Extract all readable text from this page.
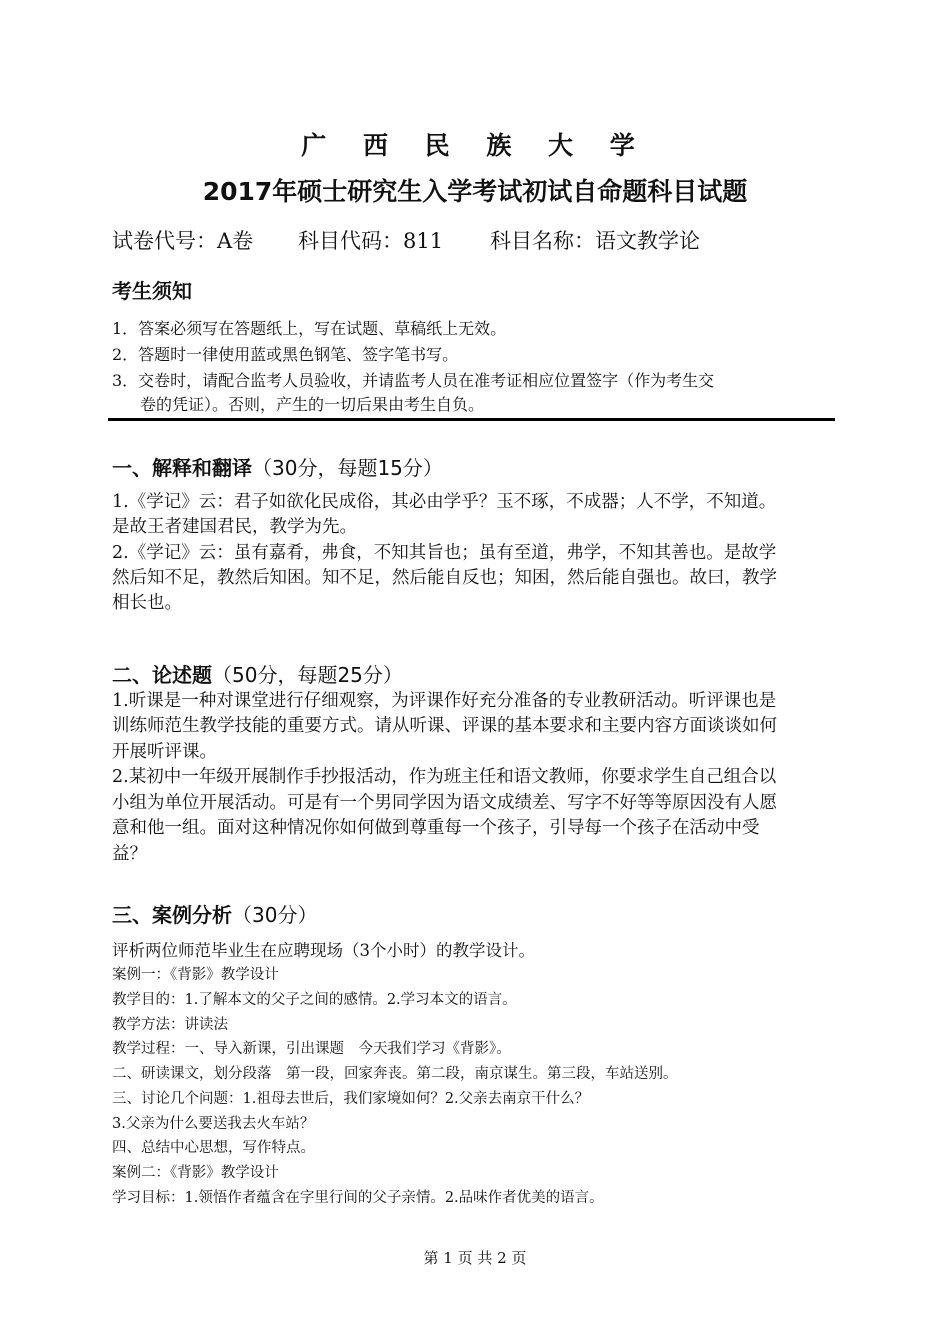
广 西 民 族 大 学
2017年硕士研究生入学考试初试自命题科目试题
试卷代号：A卷 科目代码：811 科目名称：语文教学论
考生须知
1．答案必须写在答题纸上，写在试题、草稿纸上无效。
2．答题时一律使用蓝或黑色钢笔、签字笔书写。
3．交卷时，请配合监考人员验收，并请监考人员在准考证相应位置签字（作为考生交
卷的凭证）。否则，产生的一切后果由考生自负。
一、解释和翻译（30分，每题15分）
1.《学记》云：君子如欲化民成俗，其必由学乎？玉不琢，不成器；人不学，不知道。
是故王者建国君民，教学为先。
2.《学记》云：虽有嘉肴，弗食，不知其旨也；虽有至道，弗学，不知其善也。是故学
然后知不足，教然后知困。知不足，然后能自反也；知困，然后能自强也。故曰，教学
相长也。
二、论述题（50分，每题25分）
1.听课是一种对课堂进行仔细观察，为评课作好充分准备的专业教研活动。听评课也是
训练师范生教学技能的重要方式。请从听课、评课的基本要求和主要内容方面谈谈如何
开展听评课。
2.某初中一年级开展制作手抄报活动，作为班主任和语文教师，你要求学生自己组合以
小组为单位开展活动。可是有一个男同学因为语文成绩差、写字不好等等原因没有人愿
意和他一组。面对这种情况你如何做到尊重每一个孩子，引导每一个孩子在活动中受
益？
三、案例分析（30分）
评析两位师范毕业生在应聘现场（3个小时）的教学设计。
案例一：《背影》教学设计
教学目的：1.了解本文的父子之间的感情。2.学习本文的语言。
教学方法：讲读法
教学过程：一、导入新课，引出课题　今天我们学习《背影》。
二、研读课文，划分段落　第一段，回家奔丧。第二段，南京谋生。第三段，车站送别。
三、讨论几个问题：1.祖母去世后，我们家境如何？2.父亲去南京干什么？
3.父亲为什么要送我去火车站？
四、总结中心思想，写作特点。
案例二：《背影》教学设计
学习目标：1.领悟作者蕴含在字里行间的父子亲情。2.品味作者优美的语言。
第 1 页 共 2 页
